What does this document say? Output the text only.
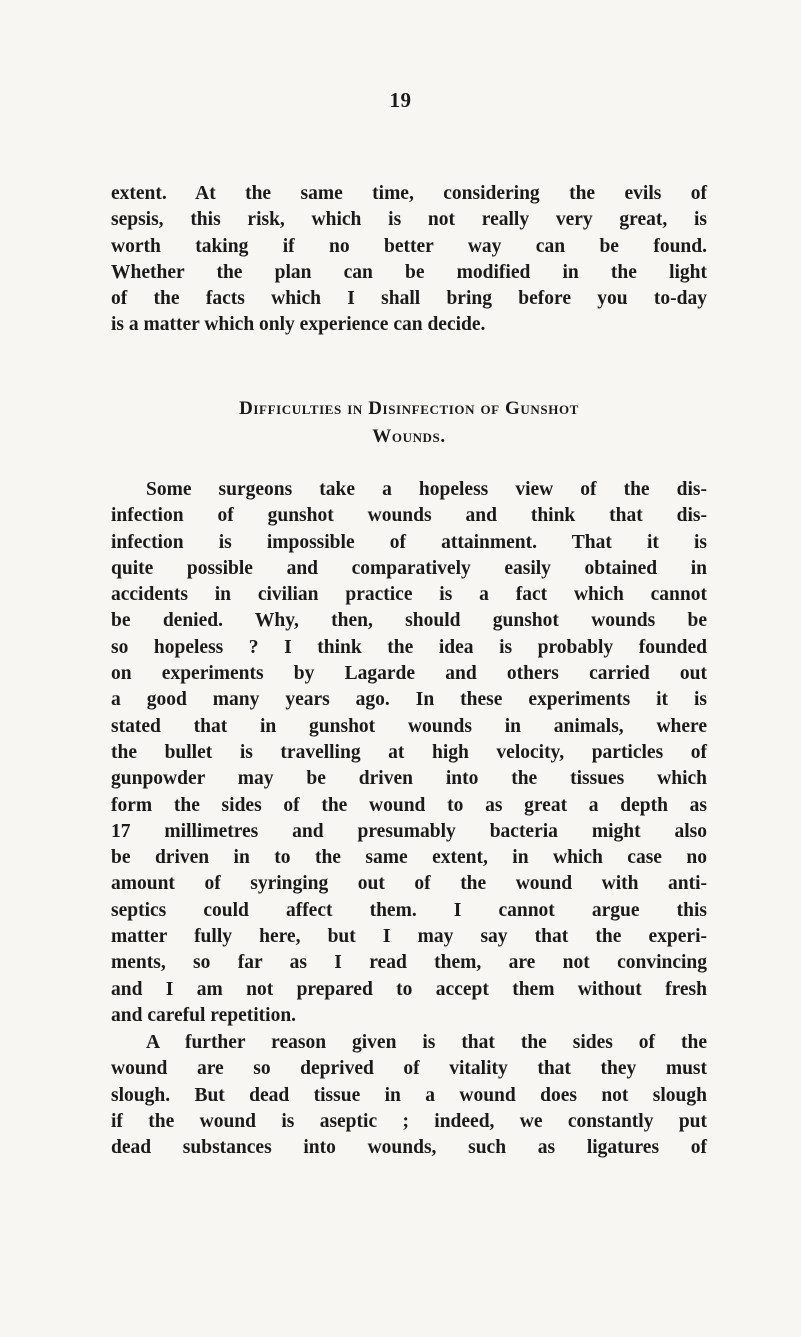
19
extent. At the same time, considering the evils of
sepsis, this risk, which is not really very great, is
worth taking if no better way can be found.
Whether the plan can be modified in the light
of the facts which I shall bring before you to-day
is a matter which only experience can decide.
Difficulties in Disinfection of Gunshot
Wounds.
Some surgeons take a hopeless view of the dis-
infection of gunshot wounds and think that dis-
infection is impossible of attainment. That it is
quite possible and comparatively easily obtained in
accidents in civilian practice is a fact which cannot
be denied. Why, then, should gunshot wounds be
so hopeless ? I think the idea is probably founded
on experiments by Lagarde and others carried out
a good many years ago. In these experiments it is
stated that in gunshot wounds in animals, where
the bullet is travelling at high velocity, particles of
gunpowder may be driven into the tissues which
form the sides of the wound to as great a depth as
17 millimetres and presumably bacteria might also
be driven in to the same extent, in which case no
amount of syringing out of the wound with anti-
septics could affect them. I cannot argue this
matter fully here, but I may say that the experi-
ments, so far as I read them, are not convincing
and I am not prepared to accept them without fresh
and careful repetition.
A further reason given is that the sides of the
wound are so deprived of vitality that they must
slough. But dead tissue in a wound does not slough
if the wound is aseptic ; indeed, we constantly put
dead substances into wounds, such as ligatures of
